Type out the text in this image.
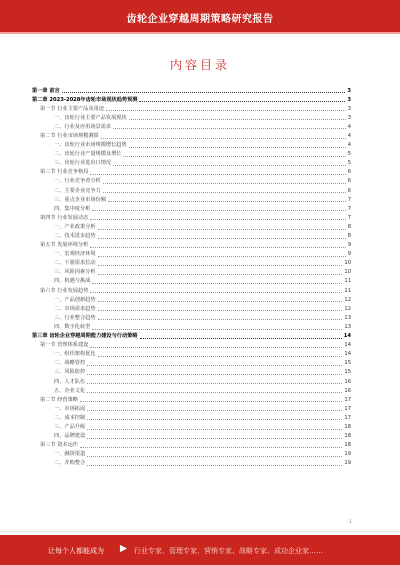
齿轮企业穿越周期策略研究报告
内容目录
第一章 前言	3
第二章 2023-2028年齿轮市场现状趋势预测	3
第一节 行业主要产品及用途	3
一、齿轮行业主要产品发展现状	3
二、行业及应用场景需求	4
第二节 行业市场规模测算	4
一、齿轮行业市场规模增长趋势	4
二、齿轮行业产量规模及增长	5
三、齿轮行业进出口情况	5
第三节 行业竞争格局	6
一、行业竞争者分析	6
二、主要企业竞争力	6
三、重点企业市场份额	7
四、集中度分析	7
第四节 行业发展动态	7
一、产业政策分析	8
二、技术进步趋势	8
第五节 发展环境分析	9
一、宏观经济环境	9
二、下游需求拉动	10
三、风险因素分析	10
四、机遇与挑战	11
第六节 行业发展趋势	11
一、产品创新趋势	12
二、市场需求趋势	12
三、行业整合趋势	13
四、数字化转型	13
第三章 齿轮企业穿越周期能力建设与行动策略	14
第一节 管理体系建设	14
一、组织架构优化	14
二、战略管控	15
三、风险防控	15
四、人才队伍	16
五、企业文化	16
第二节 经营策略	17
一、市场拓展	17
二、成本控制	17
三、产品升级	18
四、品牌建设	18
第三节 资本运作	18
一、融资渠道	19
二、并购整合	19
1
让每个人都能成为	行业专家、管理专家、营销专家、战略专家、成功企业家……
